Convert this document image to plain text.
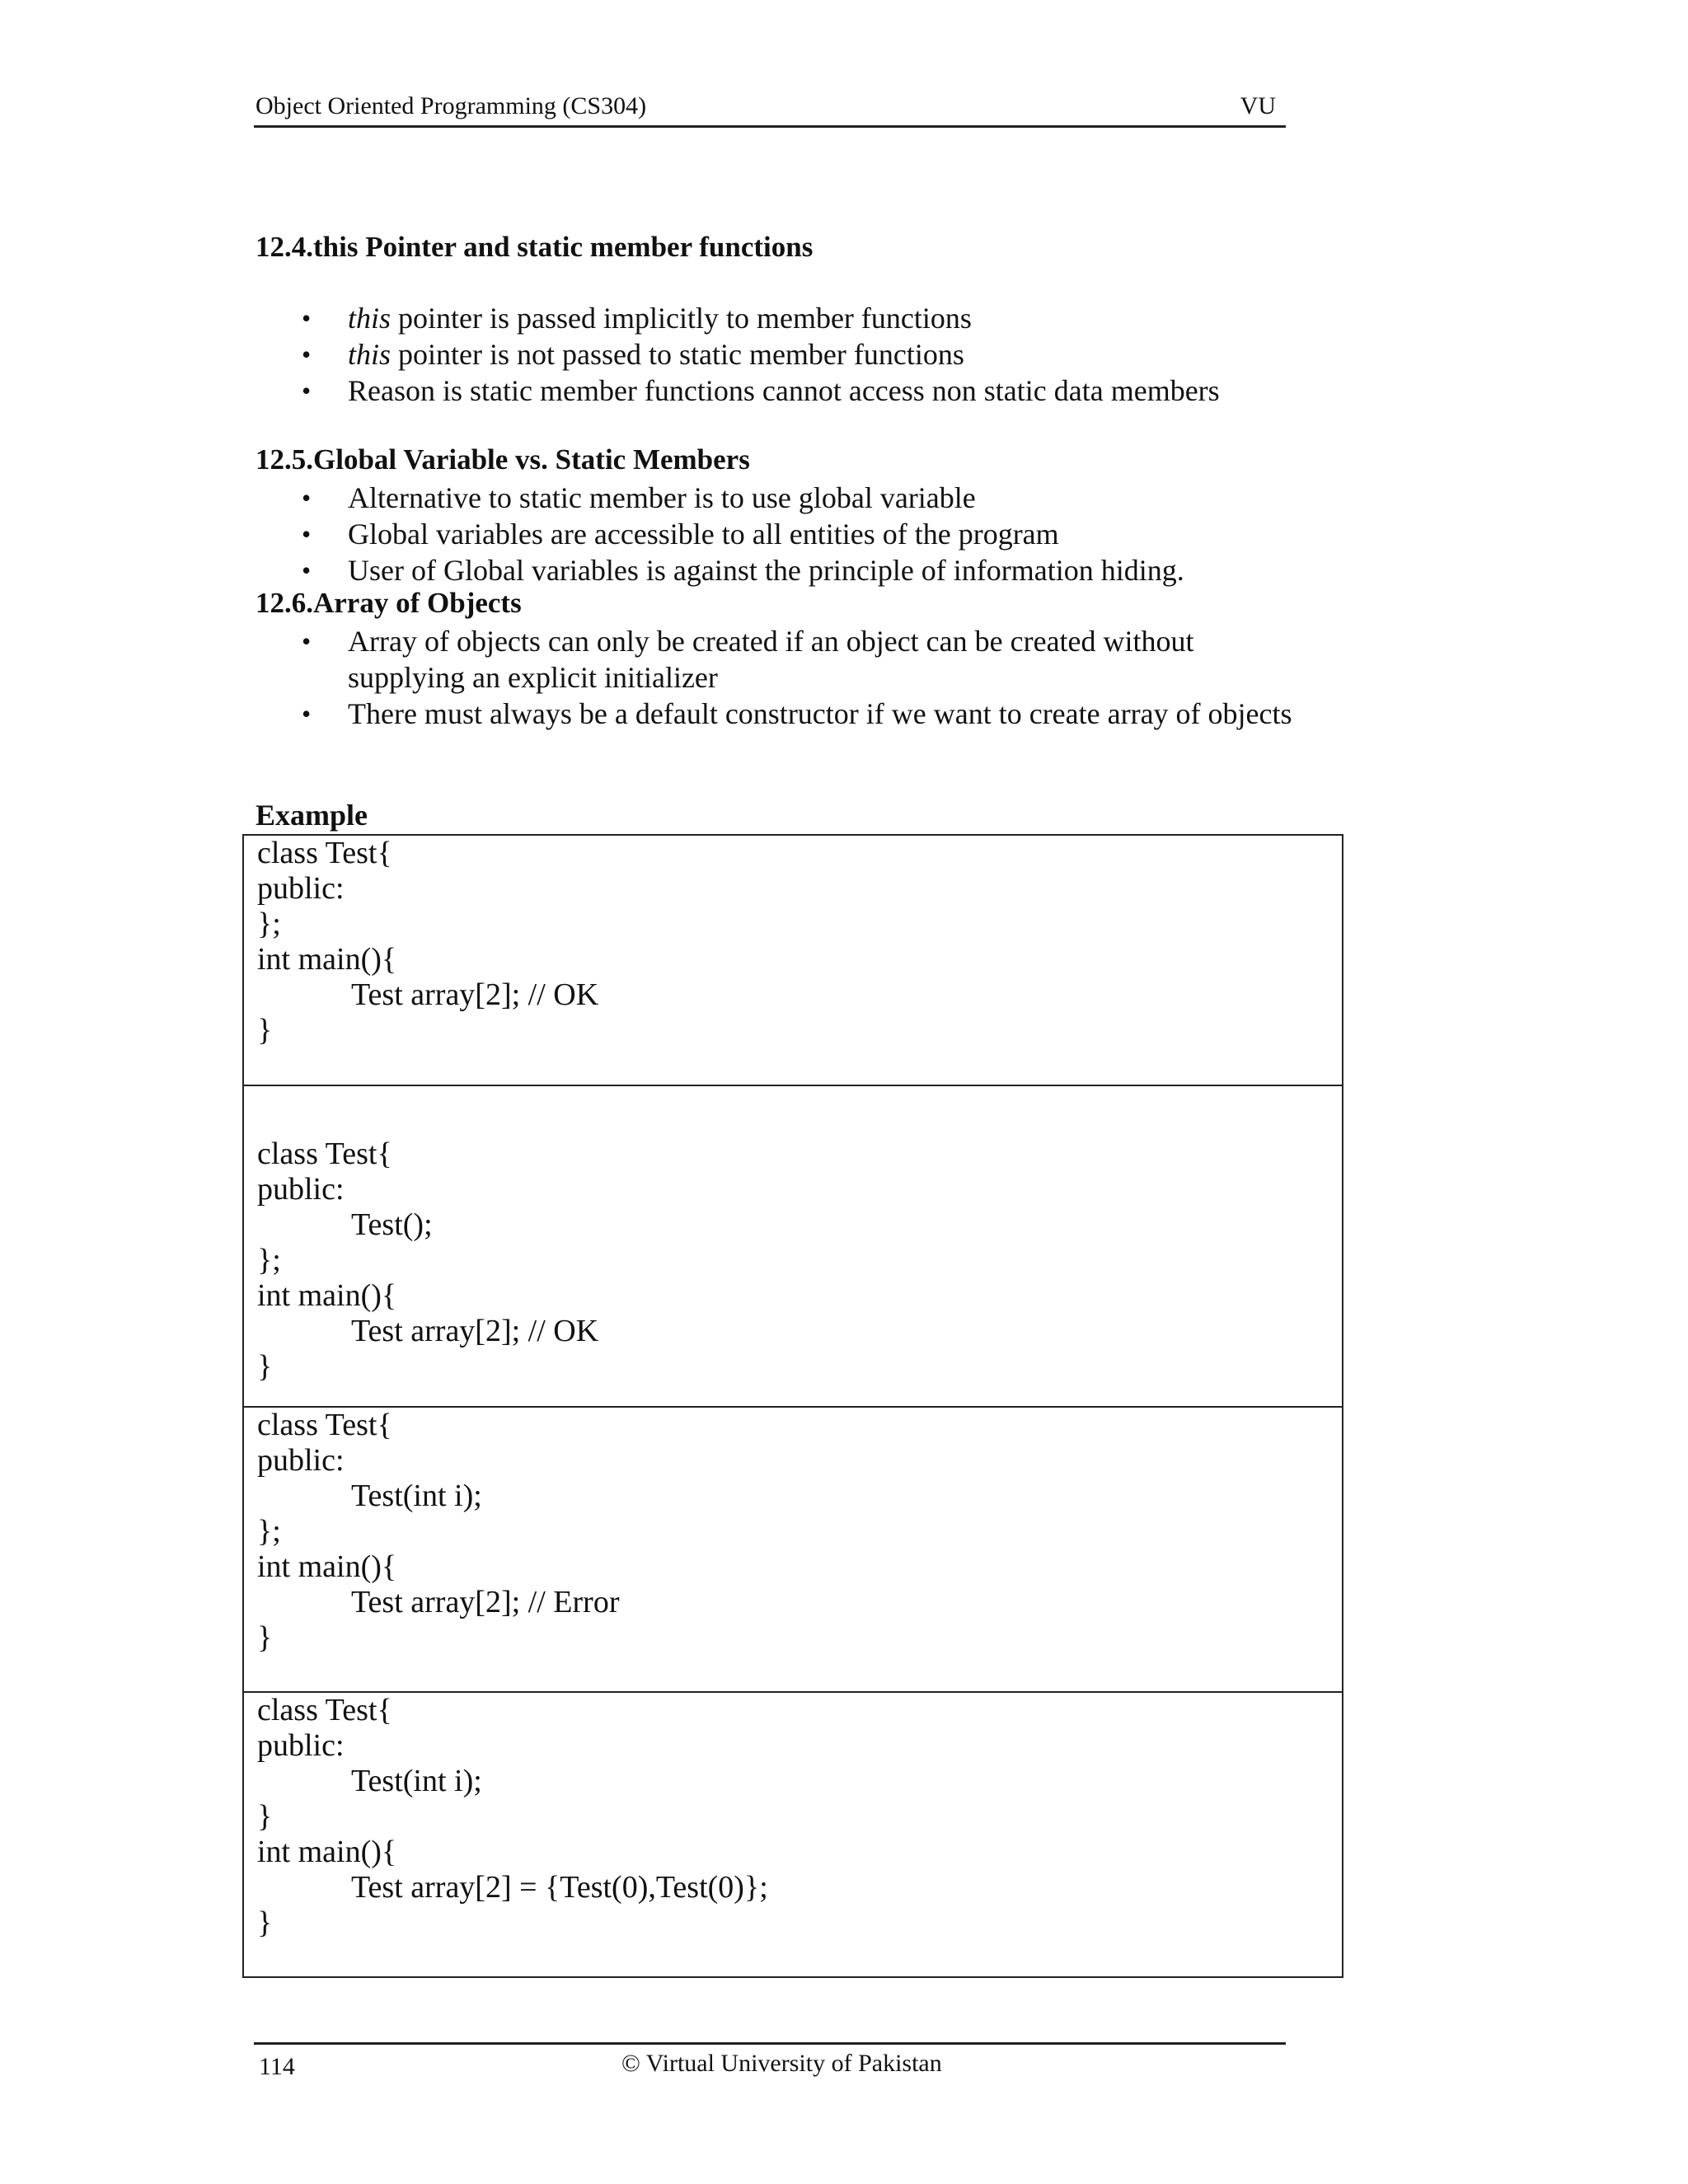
Object Oriented Programming (CS304)	VU
12.4.this Pointer and static member functions
• this pointer is passed implicitly to member functions
• this pointer is not passed to static member functions
• Reason is static member functions cannot access non static data members
12.5.Global Variable vs. Static Members
• Alternative to static member is to use global variable
• Global variables are accessible to all entities of the program
• User of Global variables is against the principle of information hiding.
12.6.Array of Objects
• Array of objects can only be created if an object can be created without supplying an explicit initializer
• There must always be a default constructor if we want to create array of objects
Example
class Test{
public:
};
int main(){
Test array[2]; // OK
}
class Test{
public:
Test();
};
int main(){
Test array[2]; // OK
}
class Test{
public:
Test(int i);
};
int main(){
Test array[2]; // Error
}
class Test{
public:
Test(int i);
}
int main(){
Test array[2] = {Test(0),Test(0)};
}
114	© Virtual University of Pakistan
